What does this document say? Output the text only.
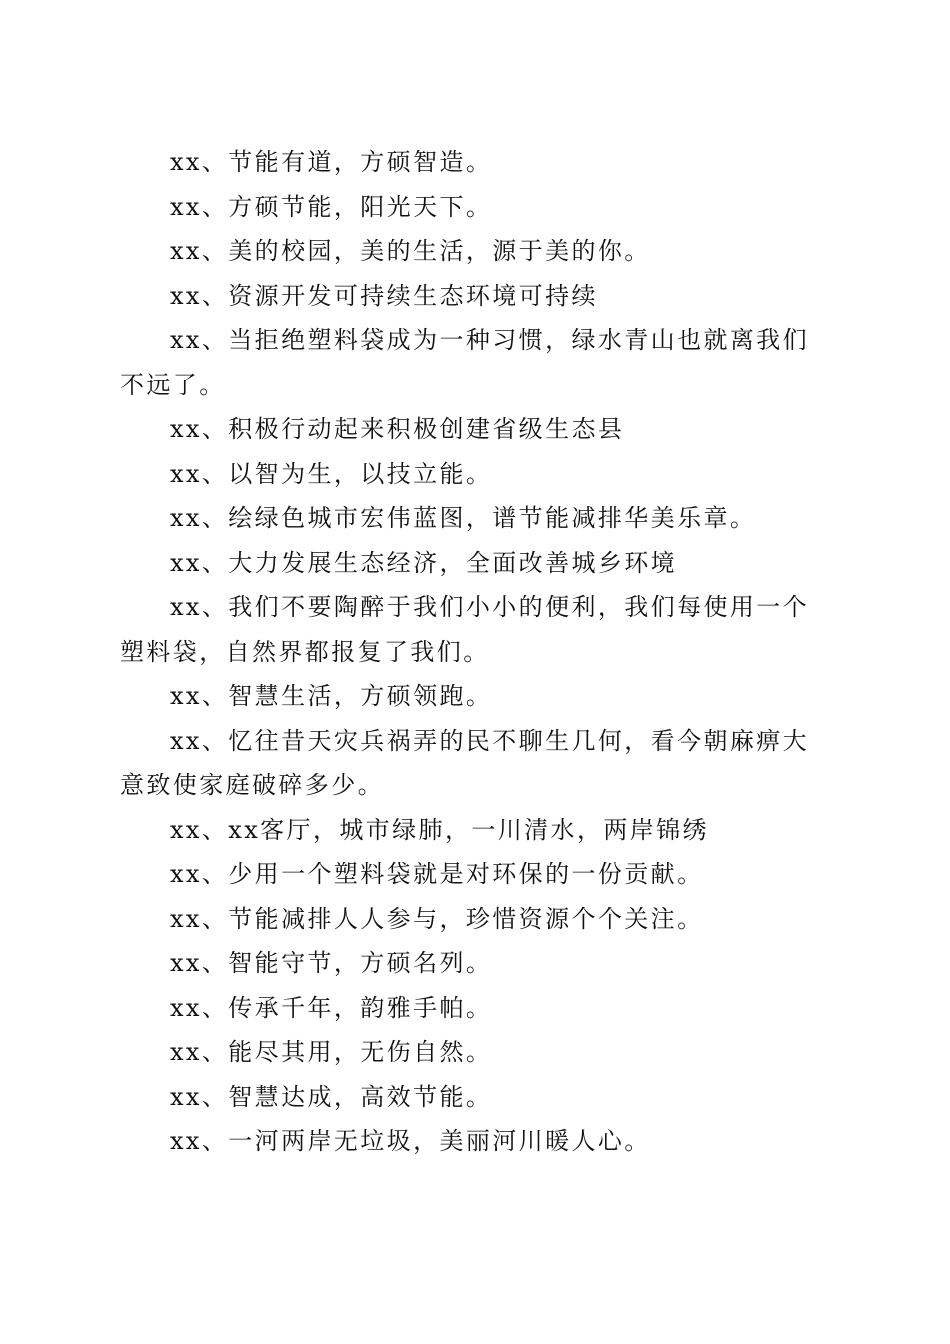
xx、节能有道，方硕智造。

xx、方硕节能，阳光天下。

xx、美的校园，美的生活，源于美的你。

xx、资源开发可持续生态环境可持续

xx、当拒绝塑料袋成为一种习惯，绿水青山也就离我们不远了。

xx、积极行动起来积极创建省级生态县

xx、以智为生，以技立能。

xx、绘绿色城市宏伟蓝图，谱节能减排华美乐章。

xx、大力发展生态经济，全面改善城乡环境

xx、我们不要陶醉于我们小小的便利，我们每使用一个塑料袋，自然界都报复了我们。

xx、智慧生活，方硕领跑。

xx、忆往昔天灾兵祸弄的民不聊生几何，看今朝麻痹大意致使家庭破碎多少。

xx、xx客厅，城市绿肺，一川清水，两岸锦绣

xx、少用一个塑料袋就是对环保的一份贡献。

xx、节能减排人人参与，珍惜资源个个关注。

xx、智能守节，方硕名列。

xx、传承千年，韵雅手帕。

xx、能尽其用，无伤自然。

xx、智慧达成，高效节能。

xx、一河两岸无垃圾，美丽河川暖人心。
